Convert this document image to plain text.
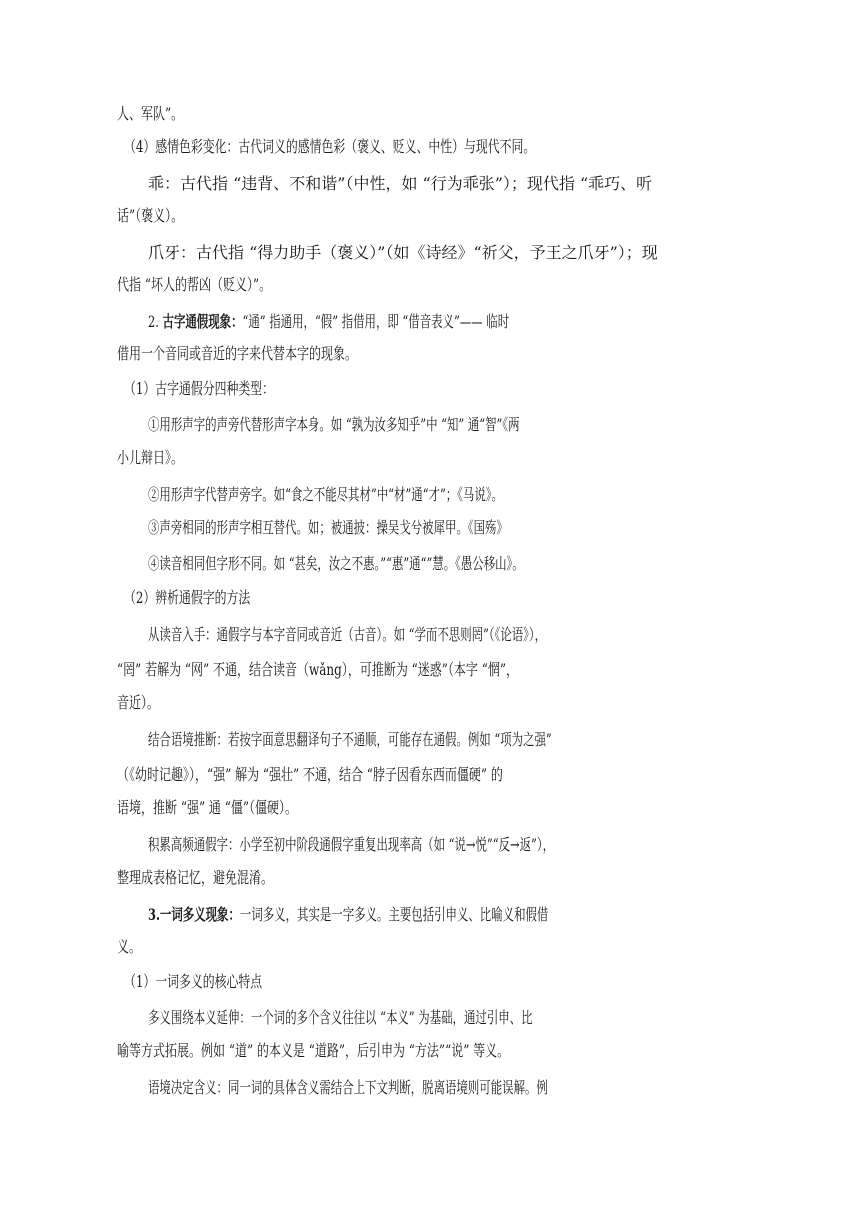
人、军队”。
（4）感情色彩变化：古代词义的感情色彩（褒义、贬义、中性）与现代不同。
乖：古代指 “违背、不和谐”（中性，如 “行为乖张”）；现代指 “乖巧、听
话”（褒义）。
爪牙：古代指 “得力助手（褒义）”（如《诗经》“祈父，予王之爪牙”）；现
代指 “坏人的帮凶（贬义）”。
2. 古字通假现象：“通” 指通用，“假” 指借用，即 “借音表义”—— 临时
借用一个音同或音近的字来代替本字的现象。
（1）古字通假分四种类型：
①用形声字的声旁代替形声字本身。如 “孰为汝多知乎”中 “知” 通“智”《两
小儿辩日》。
②用形声字代替声旁字。如“食之不能尽其材”中“材”通“才”；《马说》。
③声旁相同的形声字相互替代。如；被通披：操吴戈兮被犀甲。《国殇》
④读音相同但字形不同。如 “甚矣，汝之不惠。”“惠”通“”慧。《愚公移山》。
（2）辨析通假字的方法
从读音入手：通假字与本字音同或音近（古音）。如 “学而不思则罔”（《论语》），
“罔” 若解为 “网” 不通，结合读音（wǎng），可推断为 “迷惑”（本字 “惘”，
音近）。
结合语境推断：若按字面意思翻译句子不通顺，可能存在通假。例如 “项为之强”
（《幼时记趣》），“强” 解为 “强壮” 不通，结合 “脖子因看东西而僵硬” 的
语境，推断 “强” 通 “僵”（僵硬）。
积累高频通假字：小学至初中阶段通假字重复出现率高（如 “说→悦”“反→返”），
整理成表格记忆，避免混淆。
3.一词多义现象：一词多义，其实是一字多义。主要包括引申义、比喻义和假借
义。
（1）一词多义的核心特点
多义围绕本义延伸：一个词的多个含义往往以 “本义” 为基础，通过引申、比
喻等方式拓展。例如 “道” 的本义是 “道路”，后引申为 “方法”“说” 等义。
语境决定含义：同一词的具体含义需结合上下文判断，脱离语境则可能误解。例
